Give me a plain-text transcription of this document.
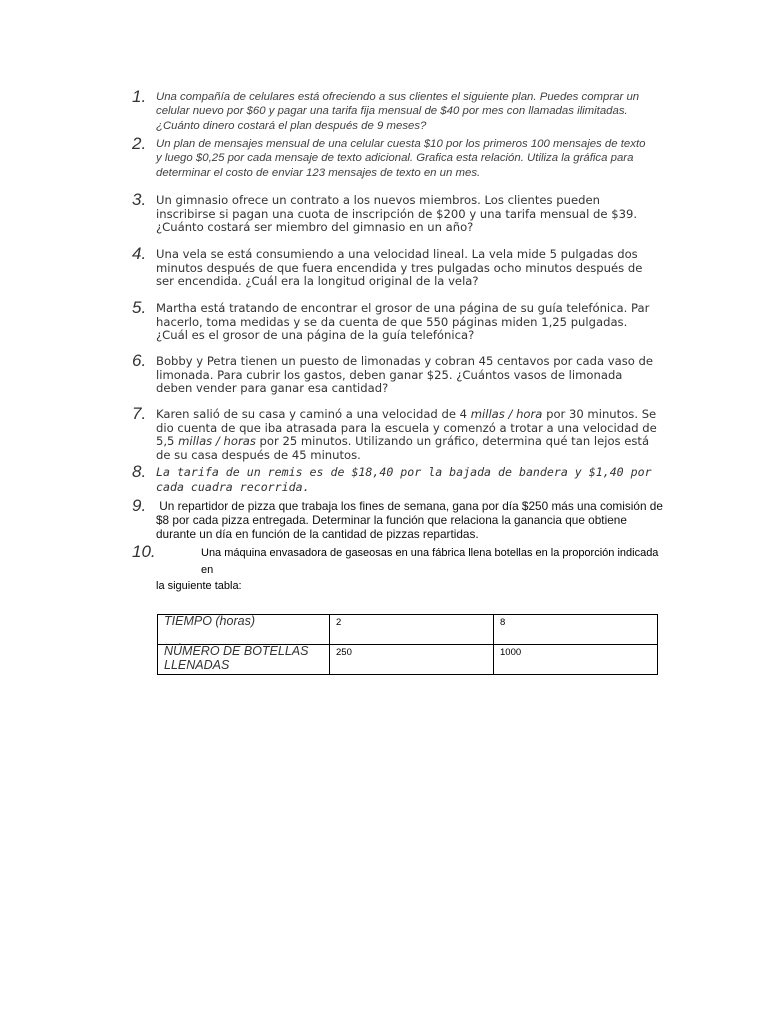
1. Una compañía de celulares está ofreciendo a sus clientes el siguiente plan. Puedes comprar un
celular nuevo por $60 y pagar una tarifa fija mensual de $40 por mes con llamadas ilimitadas.
¿Cuánto dinero costará el plan después de 9 meses?
2. Un plan de mensajes mensual de una celular cuesta $10 por los primeros 100 mensajes de texto
y luego $0,25 por cada mensaje de texto adicional. Grafica esta relación. Utiliza la gráfica para
determinar el costo de enviar 123 mensajes de texto en un mes.
3. Un gimnasio ofrece un contrato a los nuevos miembros. Los clientes pueden
inscribirse si pagan una cuota de inscripción de $200 y una tarifa mensual de $39.
¿Cuánto costará ser miembro del gimnasio en un año?
4. Una vela se está consumiendo a una velocidad lineal. La vela mide 5 pulgadas dos
minutos después de que fuera encendida y tres pulgadas ocho minutos después de
ser encendida. ¿Cuál era la longitud original de la vela?
5. Martha está tratando de encontrar el grosor de una página de su guía telefónica. Par
hacerlo, toma medidas y se da cuenta de que 550 páginas miden 1,25 pulgadas.
¿Cuál es el grosor de una página de la guía telefónica?
6. Bobby y Petra tienen un puesto de limonadas y cobran 45 centavos por cada vaso de
limonada. Para cubrir los gastos, deben ganar $25. ¿Cuántos vasos de limonada
deben vender para ganar esa cantidad?
7. Karen salió de su casa y caminó a una velocidad de 4 millas / hora por 30 minutos. Se
dio cuenta de que iba atrasada para la escuela y comenzó a trotar a una velocidad de
5,5 millas / horas por 25 minutos. Utilizando un gráfico, determina qué tan lejos está
de su casa después de 45 minutos.
8. La tarifa de un remis es de $18,40 por la bajada de bandera y $1,40 por
cada cuadra recorrida.
9. Un repartidor de pizza que trabaja los fines de semana, gana por día $250 más una comisión de
$8 por cada pizza entregada. Determinar la función que relaciona la ganancia que obtiene
durante un día en función de la cantidad de pizzas repartidas.
10.	Una máquina envasadora de gaseosas en una fábrica llena botellas en la proporción indicada en
la siguiente tabla:
TIEMPO (horas)	2	8
NÚMERO DE BOTELLAS LLENADAS	250	1000
